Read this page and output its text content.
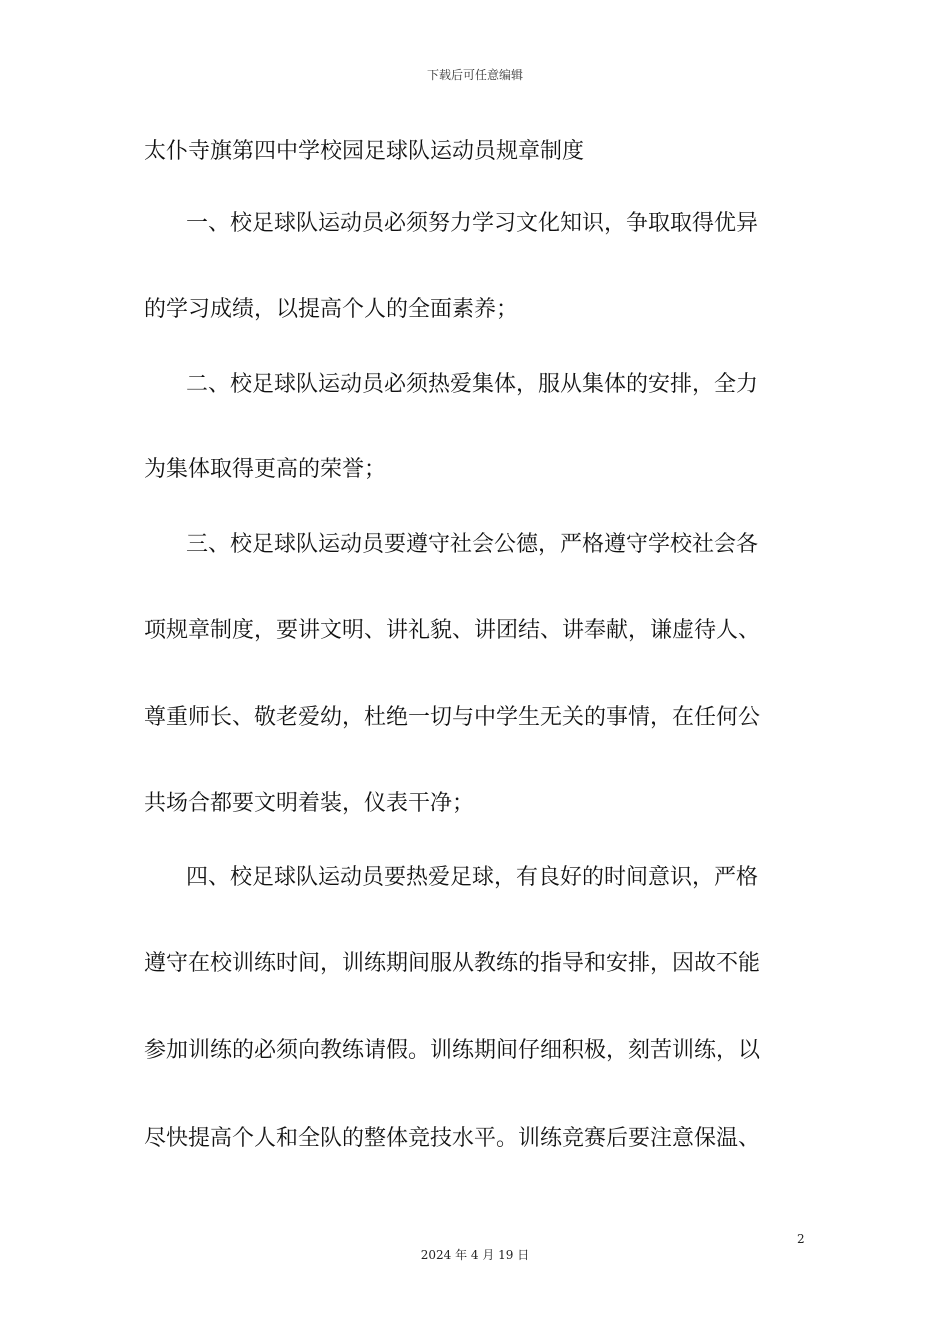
下载后可任意编辑
太仆寺旗第四中学校园足球队运动员规章制度
一、校足球队运动员必须努力学习文化知识，争取取得优异
的学习成绩，以提高个人的全面素养；
二、校足球队运动员必须热爱集体，服从集体的安排，全力
为集体取得更高的荣誉；
三、校足球队运动员要遵守社会公德，严格遵守学校社会各
项规章制度，要讲文明、讲礼貌、讲团结、讲奉献，谦虚待人、
尊重师长、敬老爱幼，杜绝一切与中学生无关的事情，在任何公
共场合都要文明着装，仪表干净；
四、校足球队运动员要热爱足球，有良好的时间意识，严格
遵守在校训练时间，训练期间服从教练的指导和安排，因故不能
参加训练的必须向教练请假。训练期间仔细积极，刻苦训练，以
尽快提高个人和全队的整体竞技水平。训练竞赛后要注意保温、
2
2024 年 4 月 19 日
